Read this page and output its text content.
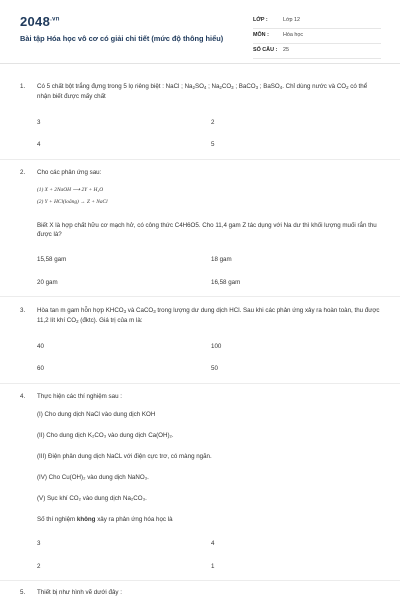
$2048^{.vn}$
Bài tập Hóa học vô cơ có giải chi tiết (mức độ thông hiểu)
LỚP :	Lớp 12
MÔN :	Hóa học
SỐ CÂU : 25
1. Có 5 chất bột trắng đựng trong 5 lọ riêng biệt : NaCl ; $Na_2SO_4$ ; $Na_2CO_3$ ; BaCO$_3$ ; BaSO$_4$. Chỉ dùng nước và $CO_2$ có thể nhận biết được mấy chất
3	2
4	5
2. Cho các phản ứng sau:
(1) X + 2NaOH ⟶ 2Y + H₂O
(2) Y + HCl(loãng) → Z + NaCl
Biết X là hợp chất hữu cơ mạch hở, có công thức C4H6O5. Cho 11,4 gam Z tác dụng với Na dư thì khối lượng muối rắn thu được là?
15,58 gam	18 gam
20 gam	16,58 gam
3. Hòa tan m gam hỗn hợp $KHCO_3$ và CaCO$_3$ trong lượng dư dung dịch HCl. Sau khi các phản ứng xảy ra hoàn toàn, thu được 11,2 lít khí $CO_2$ (đktc). Giá trị của m là:
40	100
60	50
4. Thực hiện các thí nghiệm sau :
(I) Cho dung dịch NaCl vào dung dịch KOH
(II) Cho dung dịch K₂CO₃ vào dung dịch Ca(OH)₂.
(III) Điện phân dung dịch NaCL với điện cực trơ, có màng ngăn.
(IV) Cho Cu(OH)₂ vào dung dịch NaNO₃.
(V) Sục khí CO₂ vào dung dịch Na₂CO₃.
Số thí nghiệm không xảy ra phản ứng hóa học là
3	4
2	1
5. Thiết bị như hình vẽ dưới đây :
